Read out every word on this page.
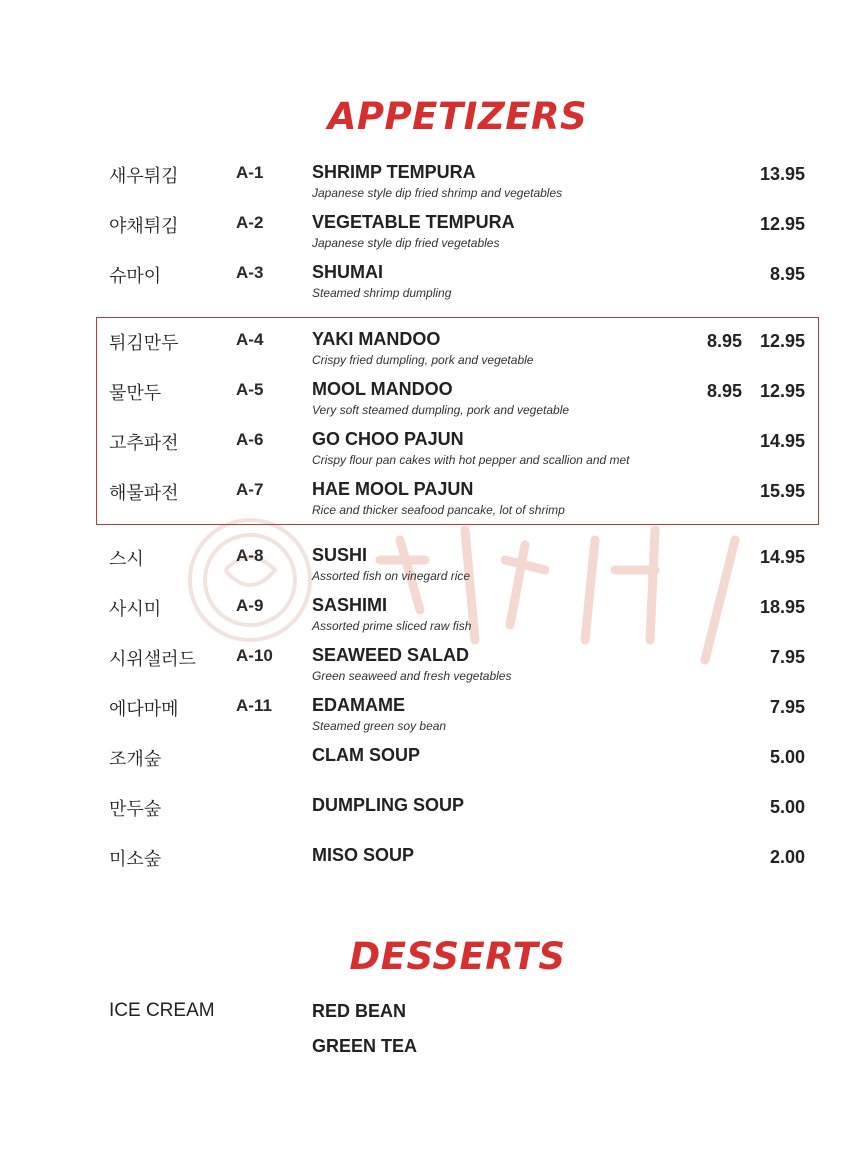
APPETIZERS
새우튀김	A-1	SHRIMP TEMPURA
Japanese style dip fried shrimp and vegetables
13.95
야채튀김	A-2	VEGETABLE TEMPURA
Japanese style dip fried vegetables
12.95
슈마이	A-3	SHUMAI
Steamed shrimp dumpling
8.95
튀김만두	A-4	YAKI MANDOO
Crispy fried dumpling, pork and vegetable
8.95 12.95
물만두	A-5	MOOL MANDOO
Very soft steamed dumpling, pork and vegetable
8.95 12.95
고추파전	A-6	GO CHOO PAJUN
Crispy flour pan cakes with hot pepper and scallion and met
14.95
해물파전	A-7	HAE MOOL PAJUN
Rice and thicker seafood pancake, lot of shrimp
15.95
스시	A-8	SUSHI
Assorted fish on vinegard rice
14.95
사시미	A-9	SASHIMI
Assorted prime sliced raw fish
18.95
시위샐러드 A-10 SEAWEED SALAD
Green seaweed and fresh vegetables
7.95
에다마메	A-11 EDAMAME
Steamed green soy bean
7.95
조개숲	CLAM SOUP	5.00
만두숲	DUMPLING SOUP	5.00
미소숲	MISO SOUP	2.00
DESSERTS
ICE CREAM	RED BEAN
GREEN TEA
